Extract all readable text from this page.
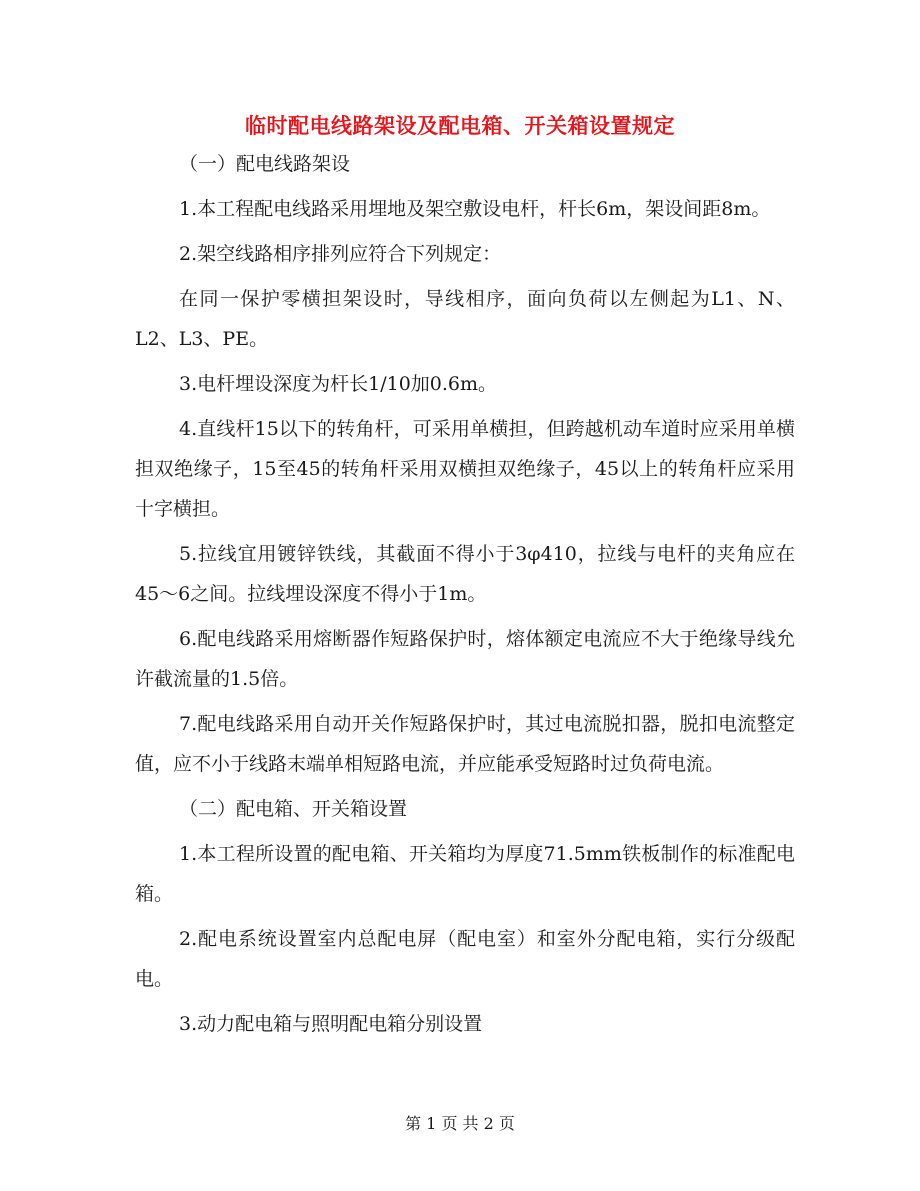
临时配电线路架设及配电箱、开关箱设置规定

（一）配电线路架设

1.本工程配电线路采用埋地及架空敷设电杆，杆长6m，架设间距8m。

2.架空线路相序排列应符合下列规定：

在同一保护零横担架设时，导线相序，面向负荷以左侧起为L1、N、L2、L3、PE。

3.电杆埋设深度为杆长1/10加0.6m。

4.直线杆15以下的转角杆，可采用单横担，但跨越机动车道时应采用单横担双绝缘子，15至45的转角杆采用双横担双绝缘子，45以上的转角杆应采用十字横担。

5.拉线宜用镀锌铁线，其截面不得小于3φ410，拉线与电杆的夹角应在45～6之间。拉线埋设深度不得小于1m。

6.配电线路采用熔断器作短路保护时，熔体额定电流应不大于绝缘导线允许截流量的1.5倍。

7.配电线路采用自动开关作短路保护时，其过电流脱扣器，脱扣电流整定值，应不小于线路末端单相短路电流，并应能承受短路时过负荷电流。

（二）配电箱、开关箱设置

1.本工程所设置的配电箱、开关箱均为厚度71.5mm铁板制作的标准配电箱。

2.配电系统设置室内总配电屏（配电室）和室外分配电箱，实行分级配电。

3.动力配电箱与照明配电箱分别设置

第 1 页 共 2 页
